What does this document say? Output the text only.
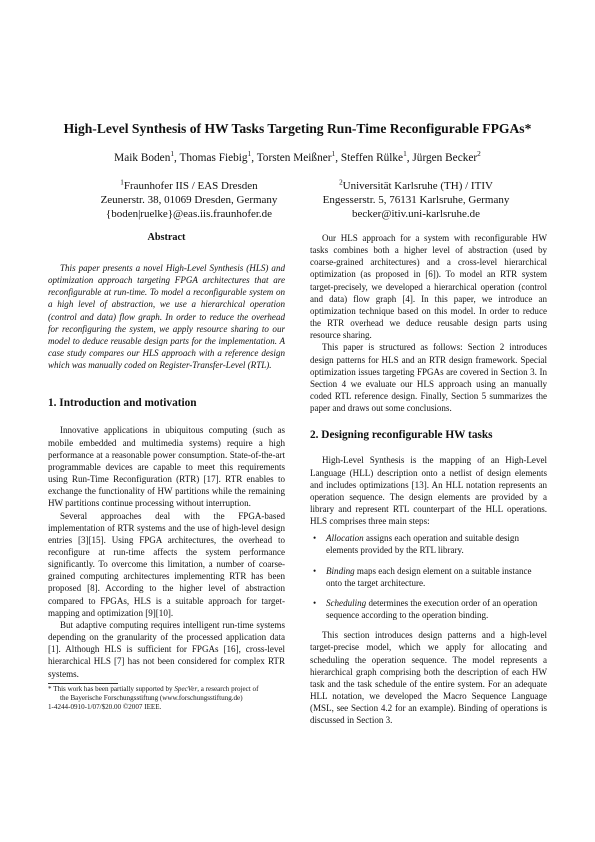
High-Level Synthesis of HW Tasks Targeting Run-Time Reconfigurable FPGAs*
Maik Boden$^1$, Thomas Fiebig$^1$, Torsten Meißner$^1$, Steffen Rülke$^1$, Jürgen Becker$^2$
$^1$Fraunhofer IIS / EAS Dresden
Zeunerstr. 38, 01069 Dresden, Germany
{boden|ruelke}@eas.iis.fraunhofer.de
$^2$Universität Karlsruhe (TH) / ITIV
Engesserstr. 5, 76131 Karlsruhe, Germany
becker@itiv.uni-karlsruhe.de
Abstract

This paper presents a novel High-Level Synthesis (HLS) and optimization approach targeting FPGA architectures that are reconfigurable at run-time. To model a reconfigurable system on a high level of abstraction, we use a hierarchical operation (control and data) flow graph. In order to reduce the overhead for reconfiguring the system, we apply resource sharing to our model to deduce reusable design parts for the implementation. A case study compares our HLS approach with a reference design which was manually coded on Register-Transfer-Level (RTL).

1. Introduction and motivation

Innovative applications in ubiquitous computing (such as mobile embedded and multimedia systems) require a high performance at a reasonable power consumption. State-of-the-art programmable devices are capable to meet this requirements using Run-Time Reconfiguration (RTR) [17]. RTR enables to exchange the functionality of HW partitions while the remaining HW partitions continue processing without interruption.

Several approaches deal with the FPGA-based implementation of RTR systems and the use of high-level design entries [3][15]. Using FPGA architectures, the overhead to reconfigure at run-time affects the system performance significantly. To overcome this limitation, a number of coarse-grained computing architectures implementing RTR has been proposed [8]. According to the higher level of abstraction compared to FPGAs, HLS is a suitable approach for target-mapping and optimization [9][10].

But adaptive computing requires intelligent run-time systems depending on the granularity of the processed application data [1]. Although HLS is sufficient for FPGAs [16], cross-level hierarchical HLS [7] has not been considered for complex RTR systems.

* This work has been partially supported by SpecVer, a research project of
the Bayerische Forschungsstiftung (www.forschungsstiftung.de)
1-4244-0910-1/07/$20.00 ©2007 IEEE.

Our HLS approach for a system with reconfigurable HW tasks combines both a higher level of abstraction (used by coarse-grained architectures) and a cross-level hierarchical optimization (as proposed in [6]). To model an RTR system target-precisely, we developed a hierarchical operation (control and data) flow graph [4]. In this paper, we introduce an optimization technique based on this model. In order to reduce the RTR overhead we deduce reusable design parts using resource sharing.

This paper is structured as follows: Section 2 introduces design patterns for HLS and an RTR design framework. Special optimization issues targeting FPGAs are covered in Section 3. In Section 4 we evaluate our HLS approach using an manually coded RTL reference design. Finally, Section 5 summarizes the paper and draws out some conclusions.

2. Designing reconfigurable HW tasks

High-Level Synthesis is the mapping of an High-Level Language (HLL) description onto a netlist of design elements and includes optimizations [13]. An HLL notation represents an operation sequence. The design elements are provided by a library and represent RTL counterpart of the HLL operations. HLS comprises three main steps:

• Allocation assigns each operation and suitable design elements provided by the RTL library.
• Binding maps each design element on a suitable instance onto the target architecture.
• Scheduling determines the execution order of an operation sequence according to the operation binding.

This section introduces design patterns and a high-level target-precise model, which we apply for allocating and scheduling the operation sequence. The model represents a hierarchical graph comprising both the description of each HW task and the task schedule of the entire system. For an adequate HLL notation, we developed the Macro Sequence Language (MSL, see Section 4.2 for an example). Binding of operations is discussed in Section 3.
